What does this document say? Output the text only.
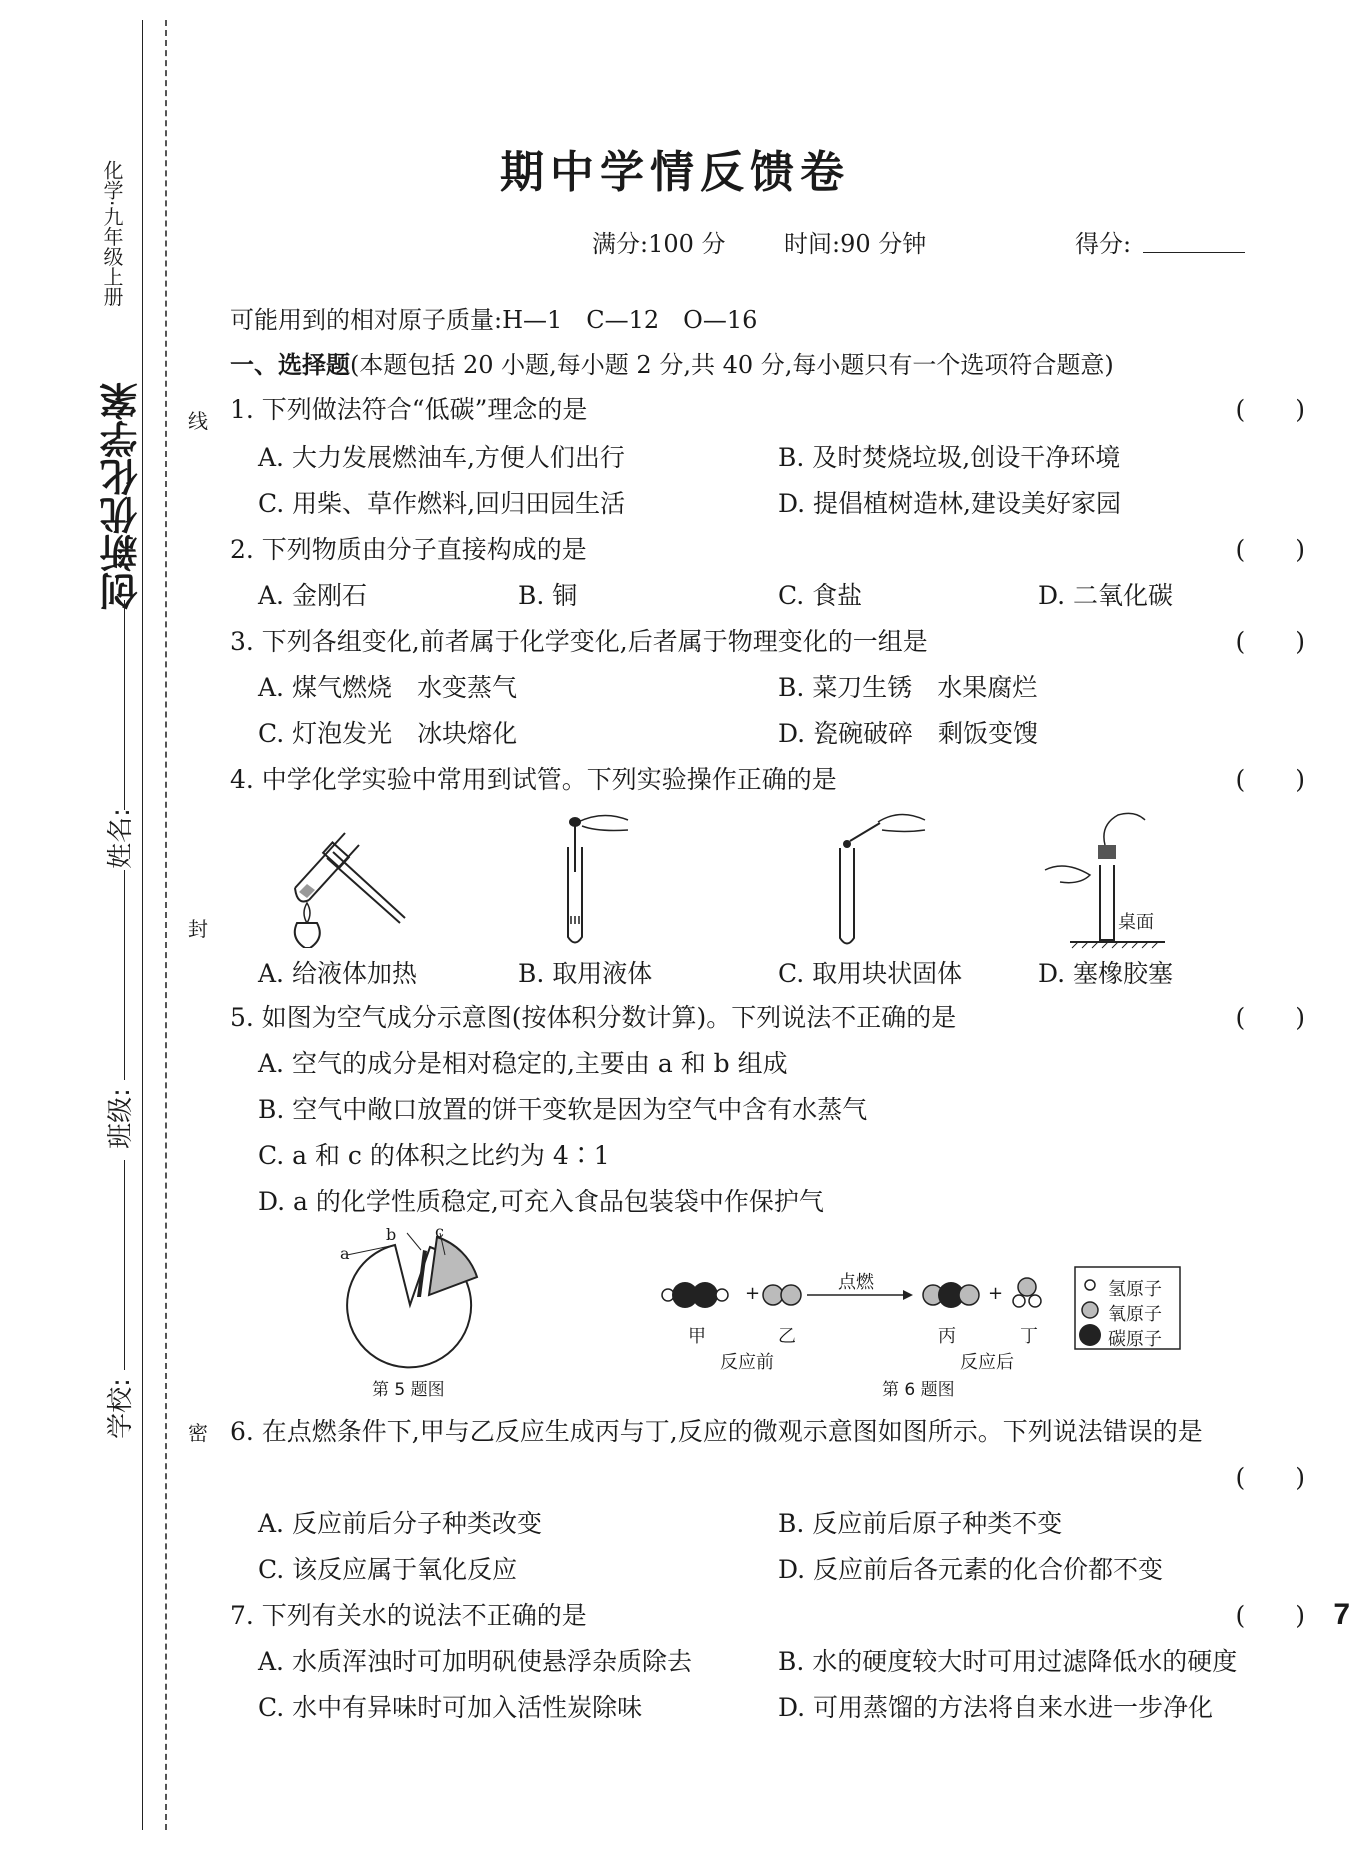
化学·九年级上册
创新优化学案
姓名:
班级:
学校:
线
封
密
期中学情反馈卷
满分:100 分 时间:90 分钟	得分:
可能用到的相对原子质量:H—1　C—12　O—16
一、选择题(本题包括 20 小题,每小题 2 分,共 40 分,每小题只有一个选项符合题意)
1. 下列做法符合“低碳”理念的是	(　　)
A. 大力发展燃油车,方便人们出行	B. 及时焚烧垃圾,创设干净环境
C. 用柴、草作燃料,回归田园生活	D. 提倡植树造林,建设美好家园
2. 下列物质由分子直接构成的是	(　　)
A. 金刚石	B. 铜	C. 食盐	D. 二氧化碳
3. 下列各组变化,前者属于化学变化,后者属于物理变化的一组是	(　　)
A. 煤气燃烧　水变蒸气	B. 菜刀生锈　水果腐烂
C. 灯泡发光　冰块熔化	D. 瓷碗破碎　剩饭变馊
4. 中学化学实验中常用到试管。下列实验操作正确的是	(　　)
桌面
A. 给液体加热	B. 取用液体	C. 取用块状固体	D. 塞橡胶塞
5. 如图为空气成分示意图(按体积分数计算)。下列说法不正确的是	(　　)
A. 空气的成分是相对稳定的,主要由 a 和 b 组成
B. 空气中敞口放置的饼干变软是因为空气中含有水蒸气
C. a 和 c 的体积之比约为 4∶1
D. a 的化学性质稳定,可充入食品包装袋中作保护气
a
b c
第 5 题图
+	+
点燃
甲	乙	丙	丁
反应前	反应后
氢原子
氧原子
碳原子
第 6 题图
6. 在点燃条件下,甲与乙反应生成丙与丁,反应的微观示意图如图所示。下列说法错误的是
(　　)
A. 反应前后分子种类改变	B. 反应前后原子种类不变
C. 该反应属于氧化反应	D. 反应前后各元素的化合价都不变
7. 下列有关水的说法不正确的是	(　　)
A. 水质浑浊时可加明矾使悬浮杂质除去	B. 水的硬度较大时可用过滤降低水的硬度
C. 水中有异味时可加入活性炭除味	D. 可用蒸馏的方法将自来水进一步净化
7
